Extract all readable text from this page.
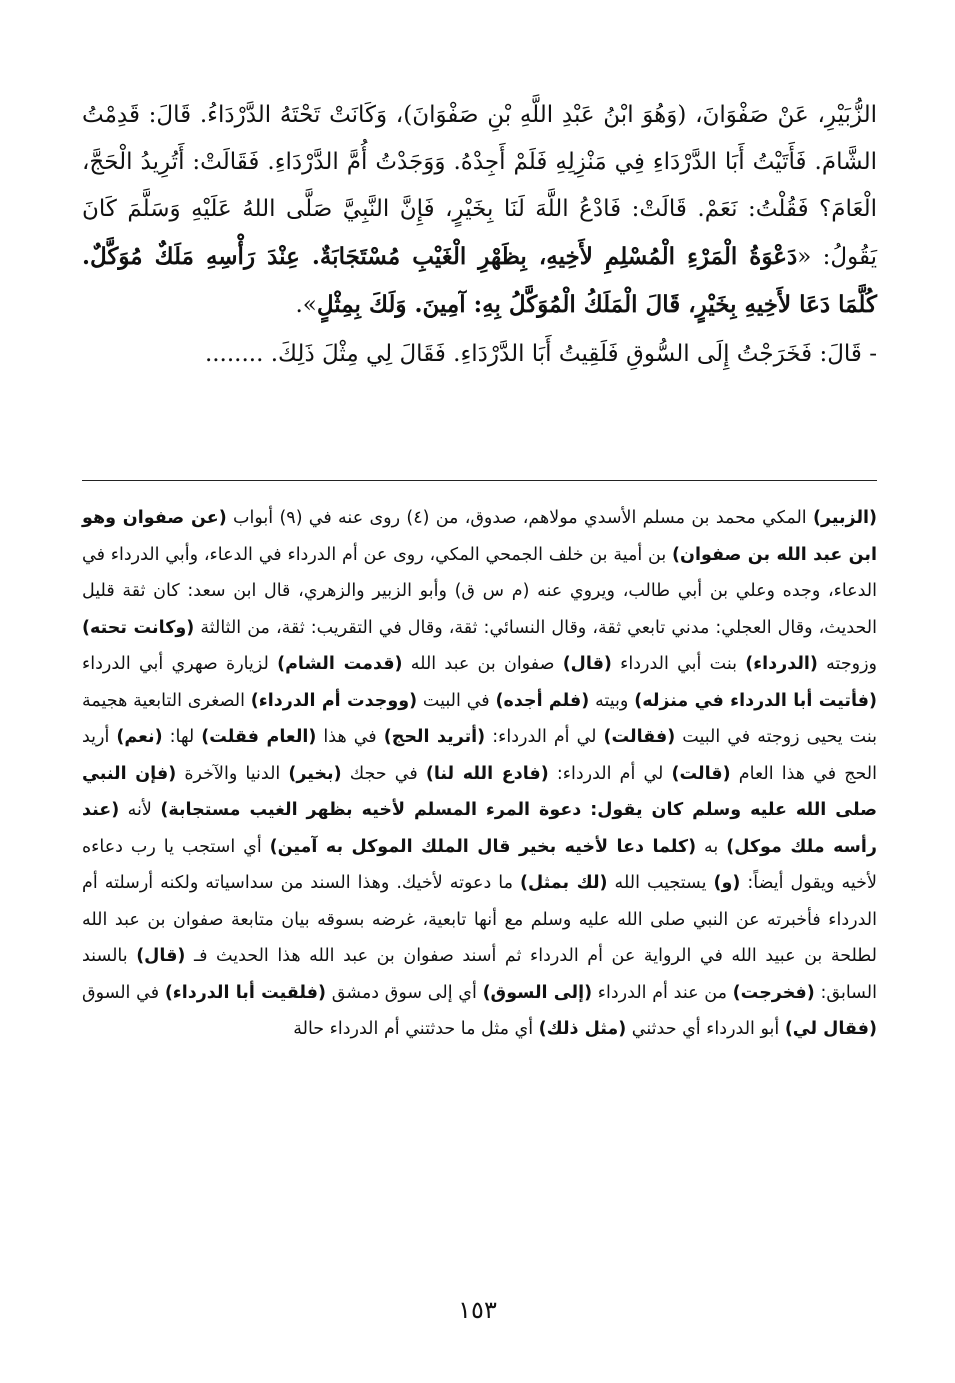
الزُّبَيْرِ، عَنْ صَفْوَانَ، (وَهُوَ ابْنُ عَبْدِ اللَّهِ بْنِ صَفْوَانَ)، وَكَانَتْ تَحْتَهُ الدَّرْدَاءُ. قَالَ: قَدِمْتُ الشَّامَ. فَأَتَيْتُ أَبَا الدَّرْدَاءِ فِي مَنْزِلِهِ فَلَمْ أَجِدْهُ. وَوَجَدْتُ أُمَّ الدَّرْدَاءِ. فَقَالَتْ: أَتُرِيدُ الْحَجَّ، الْعَامَ؟ فَقُلْتُ: نَعَمْ. قَالَتْ: فَادْعُ اللَّهَ لَنَا بِخَيْرٍ، فَإِنَّ النَّبِيَّ صَلَّى اللهُ عَلَيْهِ وَسَلَّمَ كَانَ يَقُولُ: «دَعْوَةُ الْمَرْءِ الْمُسْلِمِ لأَخِيهِ، بِظَهْرِ الْغَيْبِ مُسْتَجَابَةٌ. عِنْدَ رَأْسِهِ مَلَكٌ مُوَكَّلٌ. كُلَّمَا دَعَا لأَخِيهِ بِخَيْرٍ، قَالَ الْمَلَكُ الْمُوَكَّلُ بِهِ: آمِينَ. وَلَكَ بِمِثْلٍ».

- قَالَ: فَخَرَجْتُ إِلَى السُّوقِ فَلَقِيتُ أَبَا الدَّرْدَاءِ. فَقَالَ لِي مِثْلَ ذَلِكَ. ........

(الزبير) المكي محمد بن مسلم الأسدي مولاهم، صدوق، من (٤) روى عنه في (٩) أبواب (عن صفوان وهو ابن عبد الله بن صفوان) بن أمية بن خلف الجمحي المكي، روى عن أم الدرداء في الدعاء، وأبي الدرداء في الدعاء، وجده وعلي بن أبي طالب، ويروي عنه (م س ق) وأبو الزبير والزهري، قال ابن سعد: كان ثقة قليل الحديث، وقال العجلي: مدني تابعي ثقة، وقال النسائي: ثقة، وقال في التقريب: ثقة، من الثالثة (وكانت تحته) وزوجته (الدرداء) بنت أبي الدرداء (قال) صفوان بن عبد الله (قدمت الشام) لزيارة صهري أبي الدرداء (فأتيت أبا الدرداء في منزله) وبيته (فلم أجده) في البيت (ووجدت أم الدرداء) الصغرى التابعية هجيمة بنت يحيى زوجته في البيت (فقالت) لي أم الدرداء: (أتريد الحج) في هذا (العام فقلت) لها: (نعم) أريد الحج في هذا العام (قالت) لي أم الدرداء: (فادع الله لنا) في حجك (بخير) الدنيا والآخرة (فإن النبي صلى الله عليه وسلم كان يقول: دعوة المرء المسلم لأخيه بظهر الغيب مستجابة) لأنه (عند رأسه ملك موكل) به (كلما دعا لأخيه بخير قال الملك الموكل به آمين) أي استجب يا رب دعاءه لأخيه ويقول أيضاً: (و) يستجيب الله (لك بمثل) ما دعوته لأخيك. وهذا السند من سداسياته ولكنه أرسلته أم الدرداء فأخبرته عن النبي صلى الله عليه وسلم مع أنها تابعية، غرضه بسوقه بيان متابعة صفوان بن عبد الله لطلحة بن عبيد الله في الرواية عن أم الدرداء ثم أسند صفوان بن عبد الله هذا الحديث فـ (قال) بالسند السابق: (فخرجت) من عند أم الدرداء (إلى السوق) أي إلى سوق دمشق (فلقيت أبا الدرداء) في السوق (فقال لي) أبو الدرداء أي حدثني (مثل ذلك) أي مثل ما حدثتني أم الدرداء حالة

١٥٣
